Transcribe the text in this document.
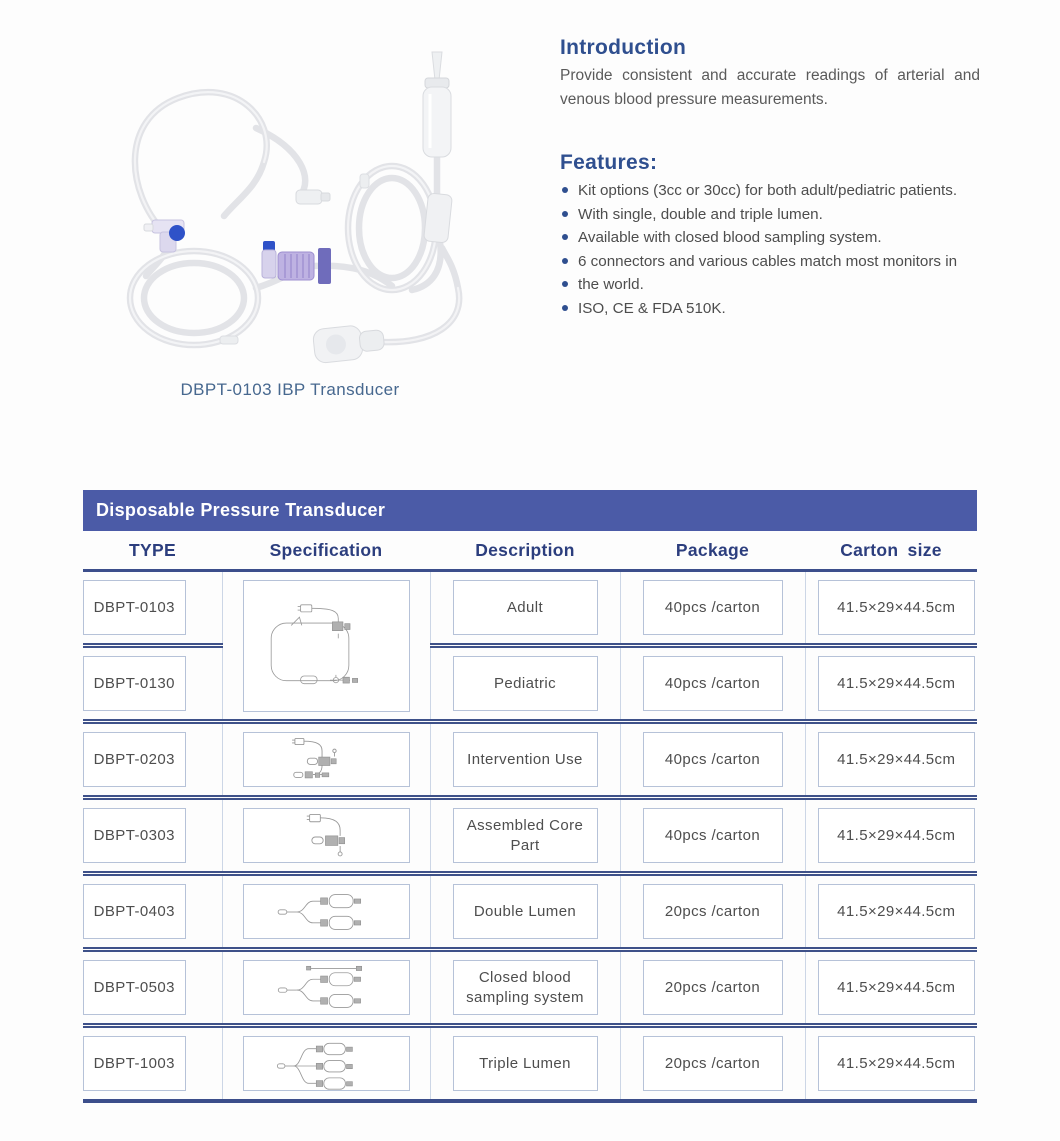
DBPT-0103 IBP Transducer
Introduction

Provide consistent and accurate readings of arterial and venous blood pressure measurements.

Features:
Kit options (3cc or 30cc) for both adult/pediatric patients.
With single, double and triple lumen.
Available with closed blood sampling system.
6 connectors and various cables match most monitors in
the world.
ISO, CE & FDA 510K.
Disposable Pressure Transducer				
TYPE	Specification	Description	Package	Carton size

DBPT-0103		Adult	40pcs /carton	41.5×29×44.5cm

DBPT-0130		Pediatric	40pcs /carton	41.5×29×44.5cm

DBPT-0203		Intervention Use	40pcs /carton	41.5×29×44.5cm

DBPT-0303		Assembled Core Part	40pcs /carton	41.5×29×44.5cm

DBPT-0403		Double Lumen	20pcs /carton	41.5×29×44.5cm

DBPT-0503		Closed blood sampling system	20pcs /carton	41.5×29×44.5cm

DBPT-1003		Triple Lumen	20pcs /carton	41.5×29×44.5cm
